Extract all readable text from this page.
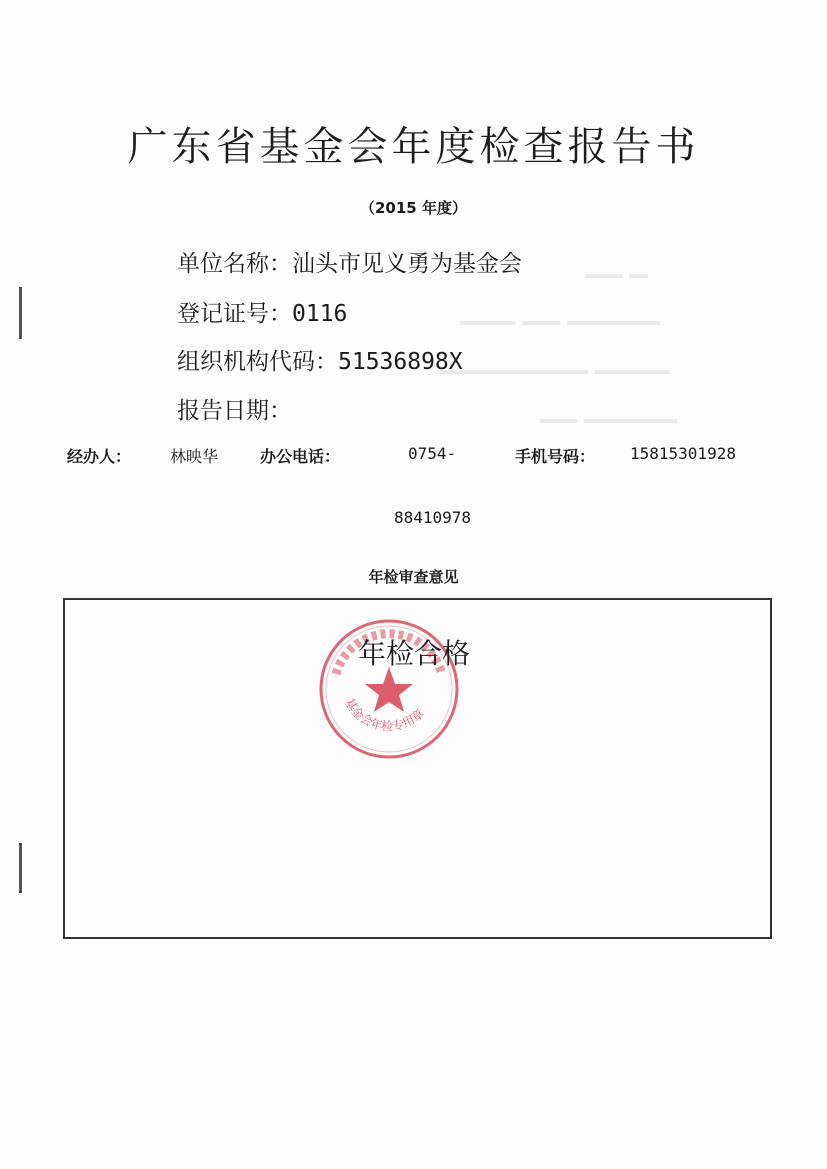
▁▁ ▁
▁▁▁ ▁▁ ▁▁▁▁▁
▁▁▁▁▁▁▁▁ ▁▁▁▁
▁▁ ▁▁▁▁▁
广东省基金会年度检查报告书
（2015 年度）
单位名称：汕头市见义勇为基金会
登记证号：0116
组织机构代码：51536898X
报告日期：
经办人： 林映华	办公电话：	0754-	手机号码： 15815301928
88410978
年检审查意见
基金会年检专用章
年检合格
